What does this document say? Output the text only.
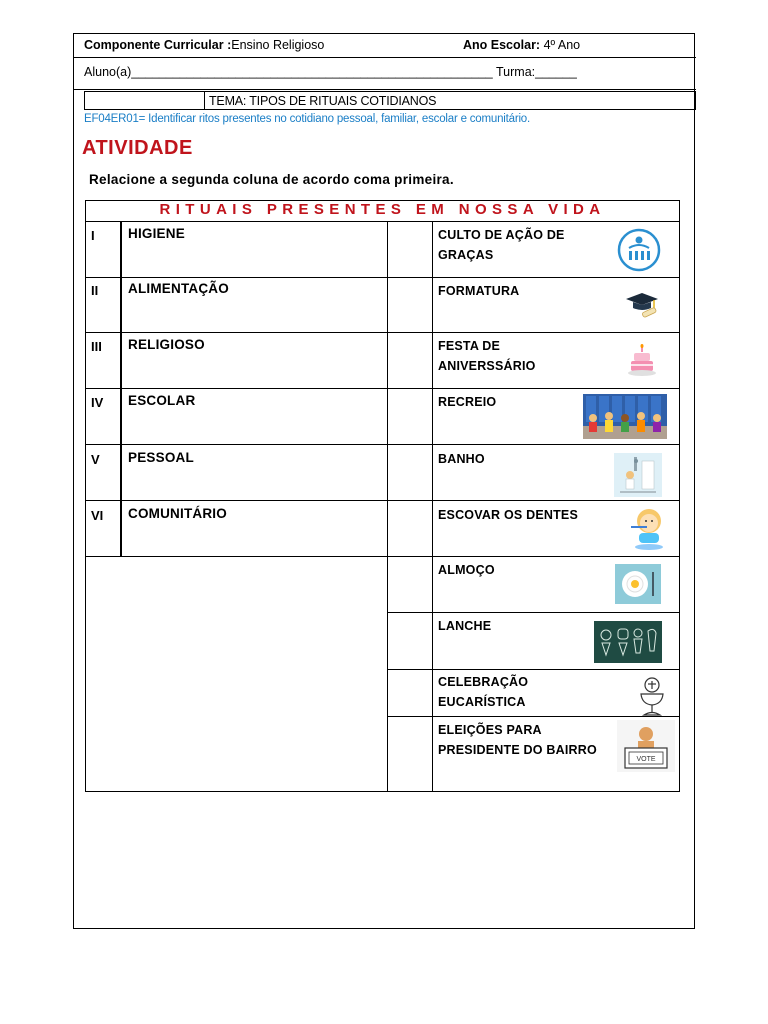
Componente Curricular :Ensino Religioso	Ano Escolar: 4º Ano
Aluno(a)____________________________________________________ Turma:______
TEMA: TIPOS DE RITUAIS COTIDIANOS
EF04ER01= Identificar ritos presentes no cotidiano pessoal, familiar, escolar e comunitário.
ATIVIDADE
Relacione a segunda coluna de acordo coma primeira.
RITUAIS PRESENTES EM NOSSA VIDA
I HIGIENE
II ALIMENTAÇÃO
III RELIGIOSO
IV ESCOLAR
V PESSOAL
VI COMUNITÁRIO
CULTO DE AÇÃO DE
GRAÇAS
FORMATURA
FESTA DE
ANIVERSSÁRIO
RECREIO
BANHO
ESCOVAR OS DENTES
ALMOÇO
LANCHE
CELEBRAÇÃO
EUCARÍSTICA
ELEIÇÕES PARA
PRESIDENTE DO BAIRRO
VOTE
